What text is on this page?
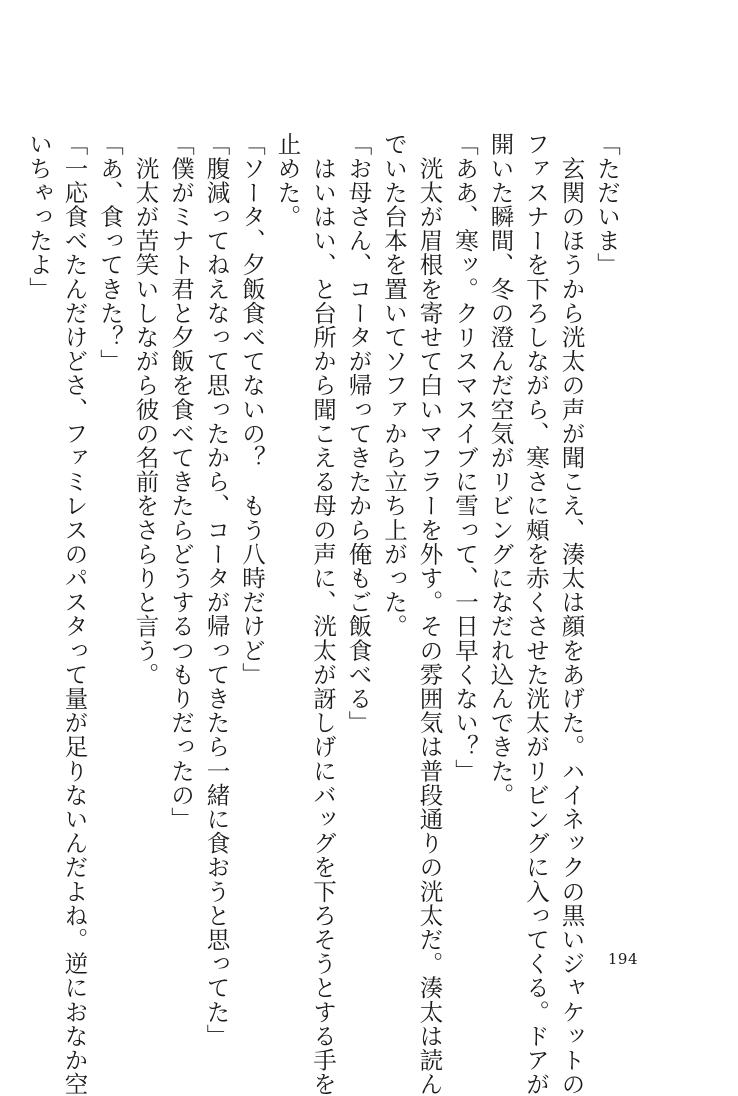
「ただいま」
　玄関のほうから洸太の声が聞こえ、湊太は顔をあげた。ハイネックの黒いジャケットの
ファスナーを下ろしながら、寒さに頰を赤くさせた洸太がリビングに入ってくる。ドアが
開いた瞬間、冬の澄んだ空気がリビングになだれ込んできた。
「ああ、寒ッ。クリスマスイブに雪って、一日早くない？」
　洸太が眉根を寄せて白いマフラーを外す。その雰囲気は普段通りの洸太だ。湊太は読ん
でいた台本を置いてソファから立ち上がった。
「お母さん、コータが帰ってきたから俺もご飯食べる」
　はいはい、と台所から聞こえる母の声に、洸太が訝しげにバッグを下ろそうとする手を
止めた。
「ソータ、夕飯食べてないの？　もう八時だけど」
「腹減ってねえなって思ったから、コータが帰ってきたら一緒に食おうと思ってた」
「僕がミナト君と夕飯を食べてきたらどうするつもりだったの」
　洸太が苦笑いしながら彼の名前をさらりと言う。
「あ、食ってきた？」
「一応食べたんだけどさ、ファミレスのパスタって量が足りないんだよね。逆におなか空
いちゃったよ」
194
